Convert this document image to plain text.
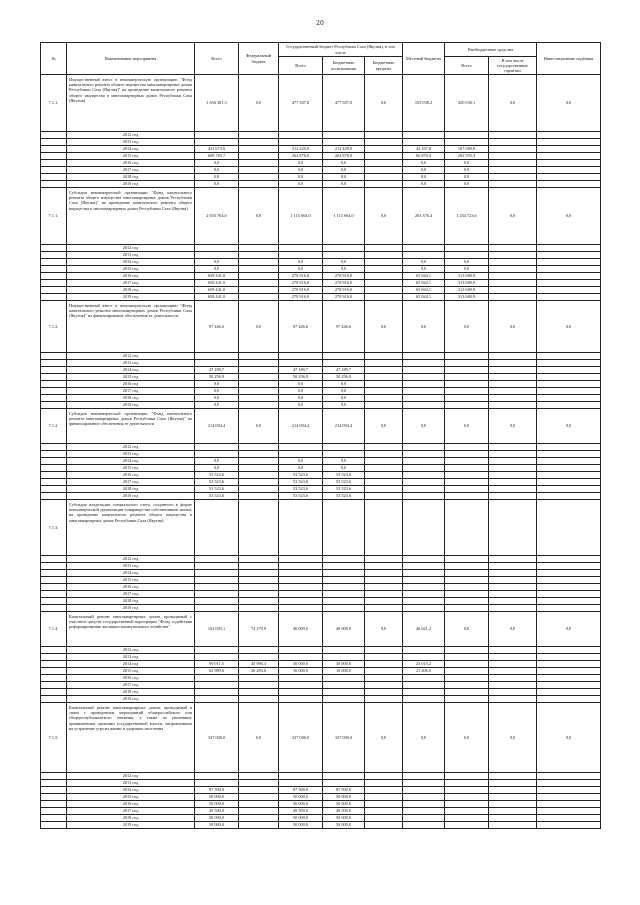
20
№	Наименование мероприятия	Всего	Федеральный бюджет	Государственный бюджет Республики Саха (Якутия), в том числе			Местный бюджеты	Внебюджетные средства		Инвестиционные надбавки
				Всего	Бюджетные ассигнования	Бюджетные кредиты		Всего	В том числе государственные гарантии	
7.1.1.	Имущественный взнос в некоммерческую организацию "Фонд капитального ремонта общего имущества многоквартирных домов Республики Саха (Якутия)" на проведение капитального ремонта общего имущества в многоквартирных домах Республики Саха (Якутия)	1 656 381,3	0,0	477 307,0	477 307,0	0,0	103 038,2	450 036,1	0,0	0,0
	2012 год									
	2013 год									
	2014 год	421 673,6		212 429,0	212 429,0		42 167,8	167 080,8		
	2015 год	608 783,7		264 878,0	264 878,0		60 870,4	282 955,3		
	2016 год	0,0		0,0	0,0		0,0	0,0		
	2017 год	0,0		0,0	0,0		0,0	0,0		
	2018 год	0,0		0,0	0,0		0,0	0,0		
	2019 год	0,0		0,0	0,0		0,0	0,0		
7.1.1.	Субсидия некоммерческой организации "Фонд капитального ремонта общего имущества многоквартирных домов Республики Саха (Якутия)" на проведение капитального ремонта общего имущества в многоквартирных домах Республики Саха (Якутия)	2 633 764,0	0,0	1 115 664,0	1 115 664,0	0,0	263 376,4	1 254 723,6	0,0	0,0
	2012 год									
	2013 год									
	2014 год	0,0		0,0	0,0		0,0	0,0		
	2015 год	0,0		0,0	0,0		0,0	0,0		
	2016 год	658 441,0		278 916,0	278 916,0		65 844,1	313 680,9		
	2017 год	658 441,0		278 916,0	278 916,0		65 844,1	313 680,9		
	2018 год	658 441,0		278 916,0	278 916,0		65 844,1	313 680,9		
	2019 год	658 441,0		278 916,0	278 916,0		65 844,1	313 680,9		
7.1.2.	Имущественный взнос в некоммерческую организацию "Фонд капитального ремонта многоквартирных домов Республики Саха (Якутия)" на финансирование обеспечения ее деятельности	97 446,6	0,0	97 446,6	97 446,6	0,0	0,0	0,0	0,0	0,0
	2012 год									
	2013 год									
	2014 год	47 189,7		47 189,7	47 189,7					
	2015 год	50 256,9		50 256,9	50 256,9					
	2016 год	0,0		0,0	0,0					
	2017 год	0,0		0,0	0,0					
	2018 год	0,0		0,0	0,0					
	2019 год	0,0		0,0	0,0					
7.1.2.	Субсидия некоммерческой организации "Фонд капитального ремонта многоквартирных домов Республики Саха (Якутия)" на финансирование обеспечения ее деятельности	214 094,4	0,0	214 094,4	214 094,4	0,0	0,0	0,0	0,0	0,0
	2012 год									
	2013 год									
	2014 год	0,0		0,0	0,0					
	2015 год	0,0		0,0	0,0					
	2016 год	53 523,6		53 523,6	53 523,6					
	2017 год	53 523,6		53 523,6	53 523,6					
	2018 год	53 523,6		53 523,6	53 523,6					
	2019 год	53 523,6		53 523,6	53 523,6					
7.1.3.	Субсидия владельцам специального счета, созданного в форме некоммерческой организации-товарищества собственников жилья, на проведение капитального ремонта общего имущества в многоквартирных домах Республики Саха (Якутия)									
	2012 год									
	2013 год									
	2014 год									
	2015 год									
	2016 год									
	2017 год									
	2018 год									
	2019 год									
7.1.4.	Капитальный ремонт многоквартирных домов, проводимый с участием средств государственной корпорации "Фонд содействия реформированию жилищно-коммунального хозяйства"	162 003,1	72 279,9	46 000,0	46 000,0	0,0	46 621,2	0,0	0,0	0,0
	2012 год									
	2013 год									
	2014 год	99 011,5	45 996,3	30 000,0	30 000,0		23 015,2			
	2015 год	62 989,6	26 283,6	16 000,0	16 000,0		21 406,0			
	2016 год									
	2017 год									
	2018 год									
	2019 год									
7.1.5.	Капитальный ремонт многоквартирных домов, проводимый в связи с проведением мероприятий общероссийского или общереспубликанского значения, а также по решениям, принимаемым органами государственной власти, направленным на устранение угрозы жизни и здоровью населения	337 000,0	0,0	337 000,0	337 000,0	0,0	0,0	0,0	0,0	0,0
	2012 год									
	2013 год									
	2014 год	87 500,0		87 500,0	87 500,0					
	2015 год	50 000,0		50 000,0	50 000,0					
	2016 год	50 000,0		50 000,0	50 000,0					
	2017 год	49 500,0		49 500,0	49 500,0					
	2018 год	50 000,0		50 000,0	50 000,0					
	2019 год	50 000,0		50 000,0	50 000,0					
